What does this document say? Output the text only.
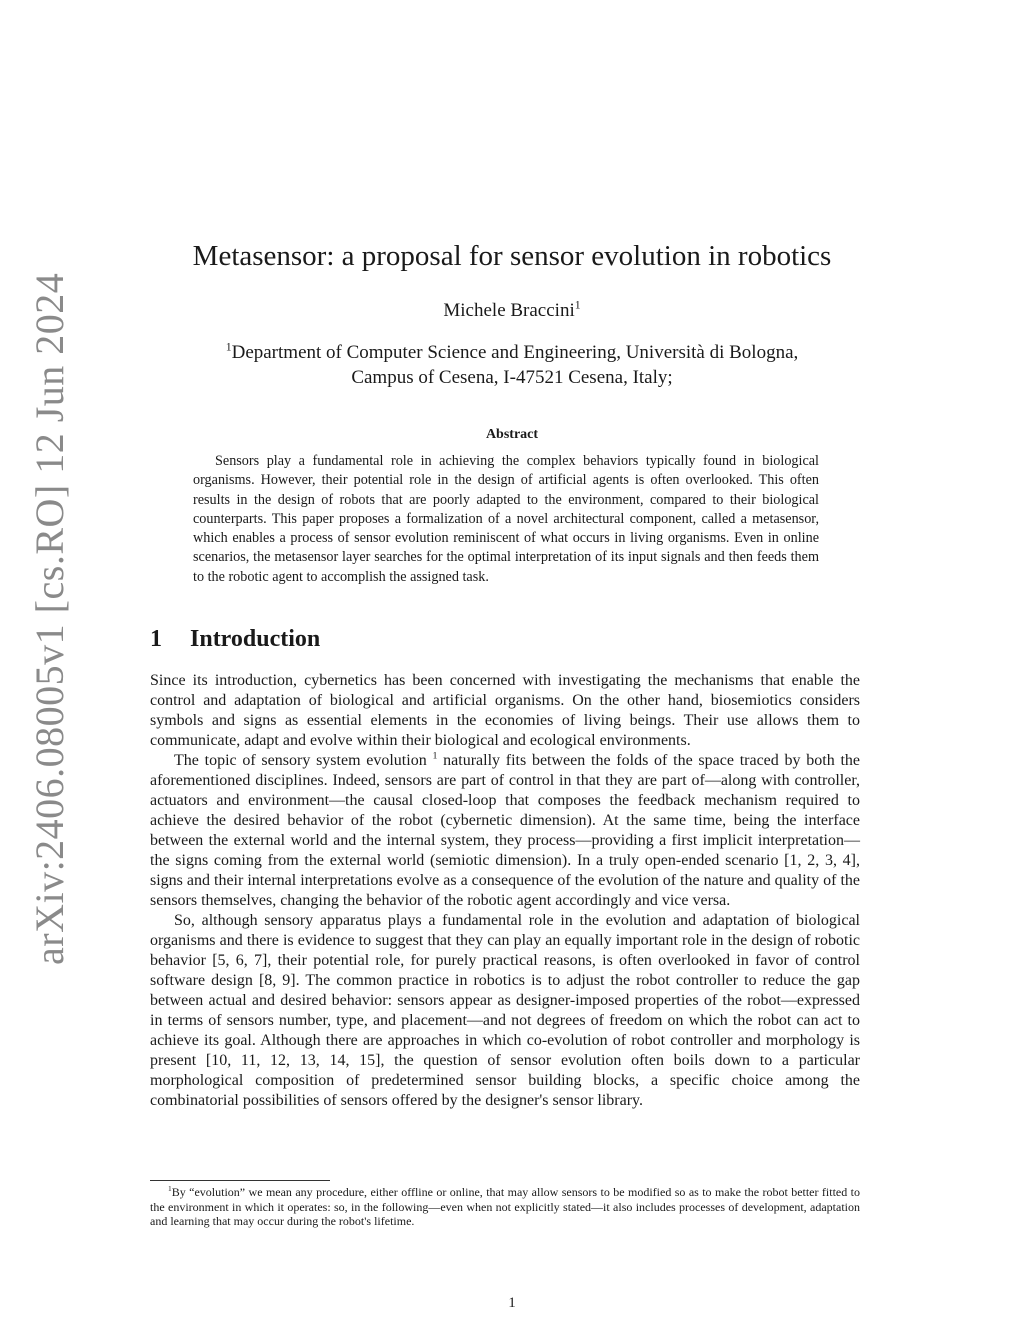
arXiv:2406.08005v1 [cs.RO] 12 Jun 2024
Metasensor: a proposal for sensor evolution in robotics
Michele Braccini$^1$
$^1$Department of Computer Science and Engineering, Università di Bologna,
Campus of Cesena, I-47521 Cesena, Italy;
Abstract
Sensors play a fundamental role in achieving the complex behaviors typically found in biological organisms. However, their potential role in the design of artificial agents is often overlooked. This often results in the design of robots that are poorly adapted to the environment, compared to their biological counterparts. This paper proposes a formalization of a novel architectural component, called a metasensor, which enables a process of sensor evolution reminiscent of what occurs in living organisms. Even in online scenarios, the metasensor layer searches for the optimal interpretation of its input signals and then feeds them to the robotic agent to accomplish the assigned task.
1 Introduction

Since its introduction, cybernetics has been concerned with investigating the mechanisms that enable the control and adaptation of biological and artificial organisms. On the other hand, biosemiotics considers symbols and signs as essential elements in the economies of living beings. Their use allows them to communicate, adapt and evolve within their biological and ecological environments.

The topic of sensory system evolution $^1$ naturally fits between the folds of the space traced by both the aforementioned disciplines. Indeed, sensors are part of control in that they are part of—along with controller, actuators and environment—the causal closed-loop that composes the feedback mechanism required to achieve the desired behavior of the robot (cybernetic dimension). At the same time, being the interface between the external world and the internal system, they process—providing a first implicit interpretation—the signs coming from the external world (semiotic dimension). In a truly open-ended scenario [1, 2, 3, 4], signs and their internal interpretations evolve as a consequence of the evolution of the nature and quality of the sensors themselves, changing the behavior of the robotic agent accordingly and vice versa.

So, although sensory apparatus plays a fundamental role in the evolution and adaptation of biological organisms and there is evidence to suggest that they can play an equally important role in the design of robotic behavior [5, 6, 7], their potential role, for purely practical reasons, is often overlooked in favor of control software design [8, 9]. The common practice in robotics is to adjust the robot controller to reduce the gap between actual and desired behavior: sensors appear as designer-imposed properties of the robot—expressed in terms of sensors number, type, and placement—and not degrees of freedom on which the robot can act to achieve its goal. Although there are approaches in which co-evolution of robot controller and morphology is present [10, 11, 12, 13, 14, 15], the question of sensor evolution often boils down to a particular morphological composition of predetermined sensor building blocks, a specific choice among the combinatorial possibilities of sensors offered by the designer's sensor library.

$^1$By “evolution” we mean any procedure, either offline or online, that may allow sensors to be modified so as to make the robot better fitted to the environment in which it operates: so, in the following—even when not explicitly stated—it also includes processes of development, adaptation and learning that may occur during the robot's lifetime.
1
